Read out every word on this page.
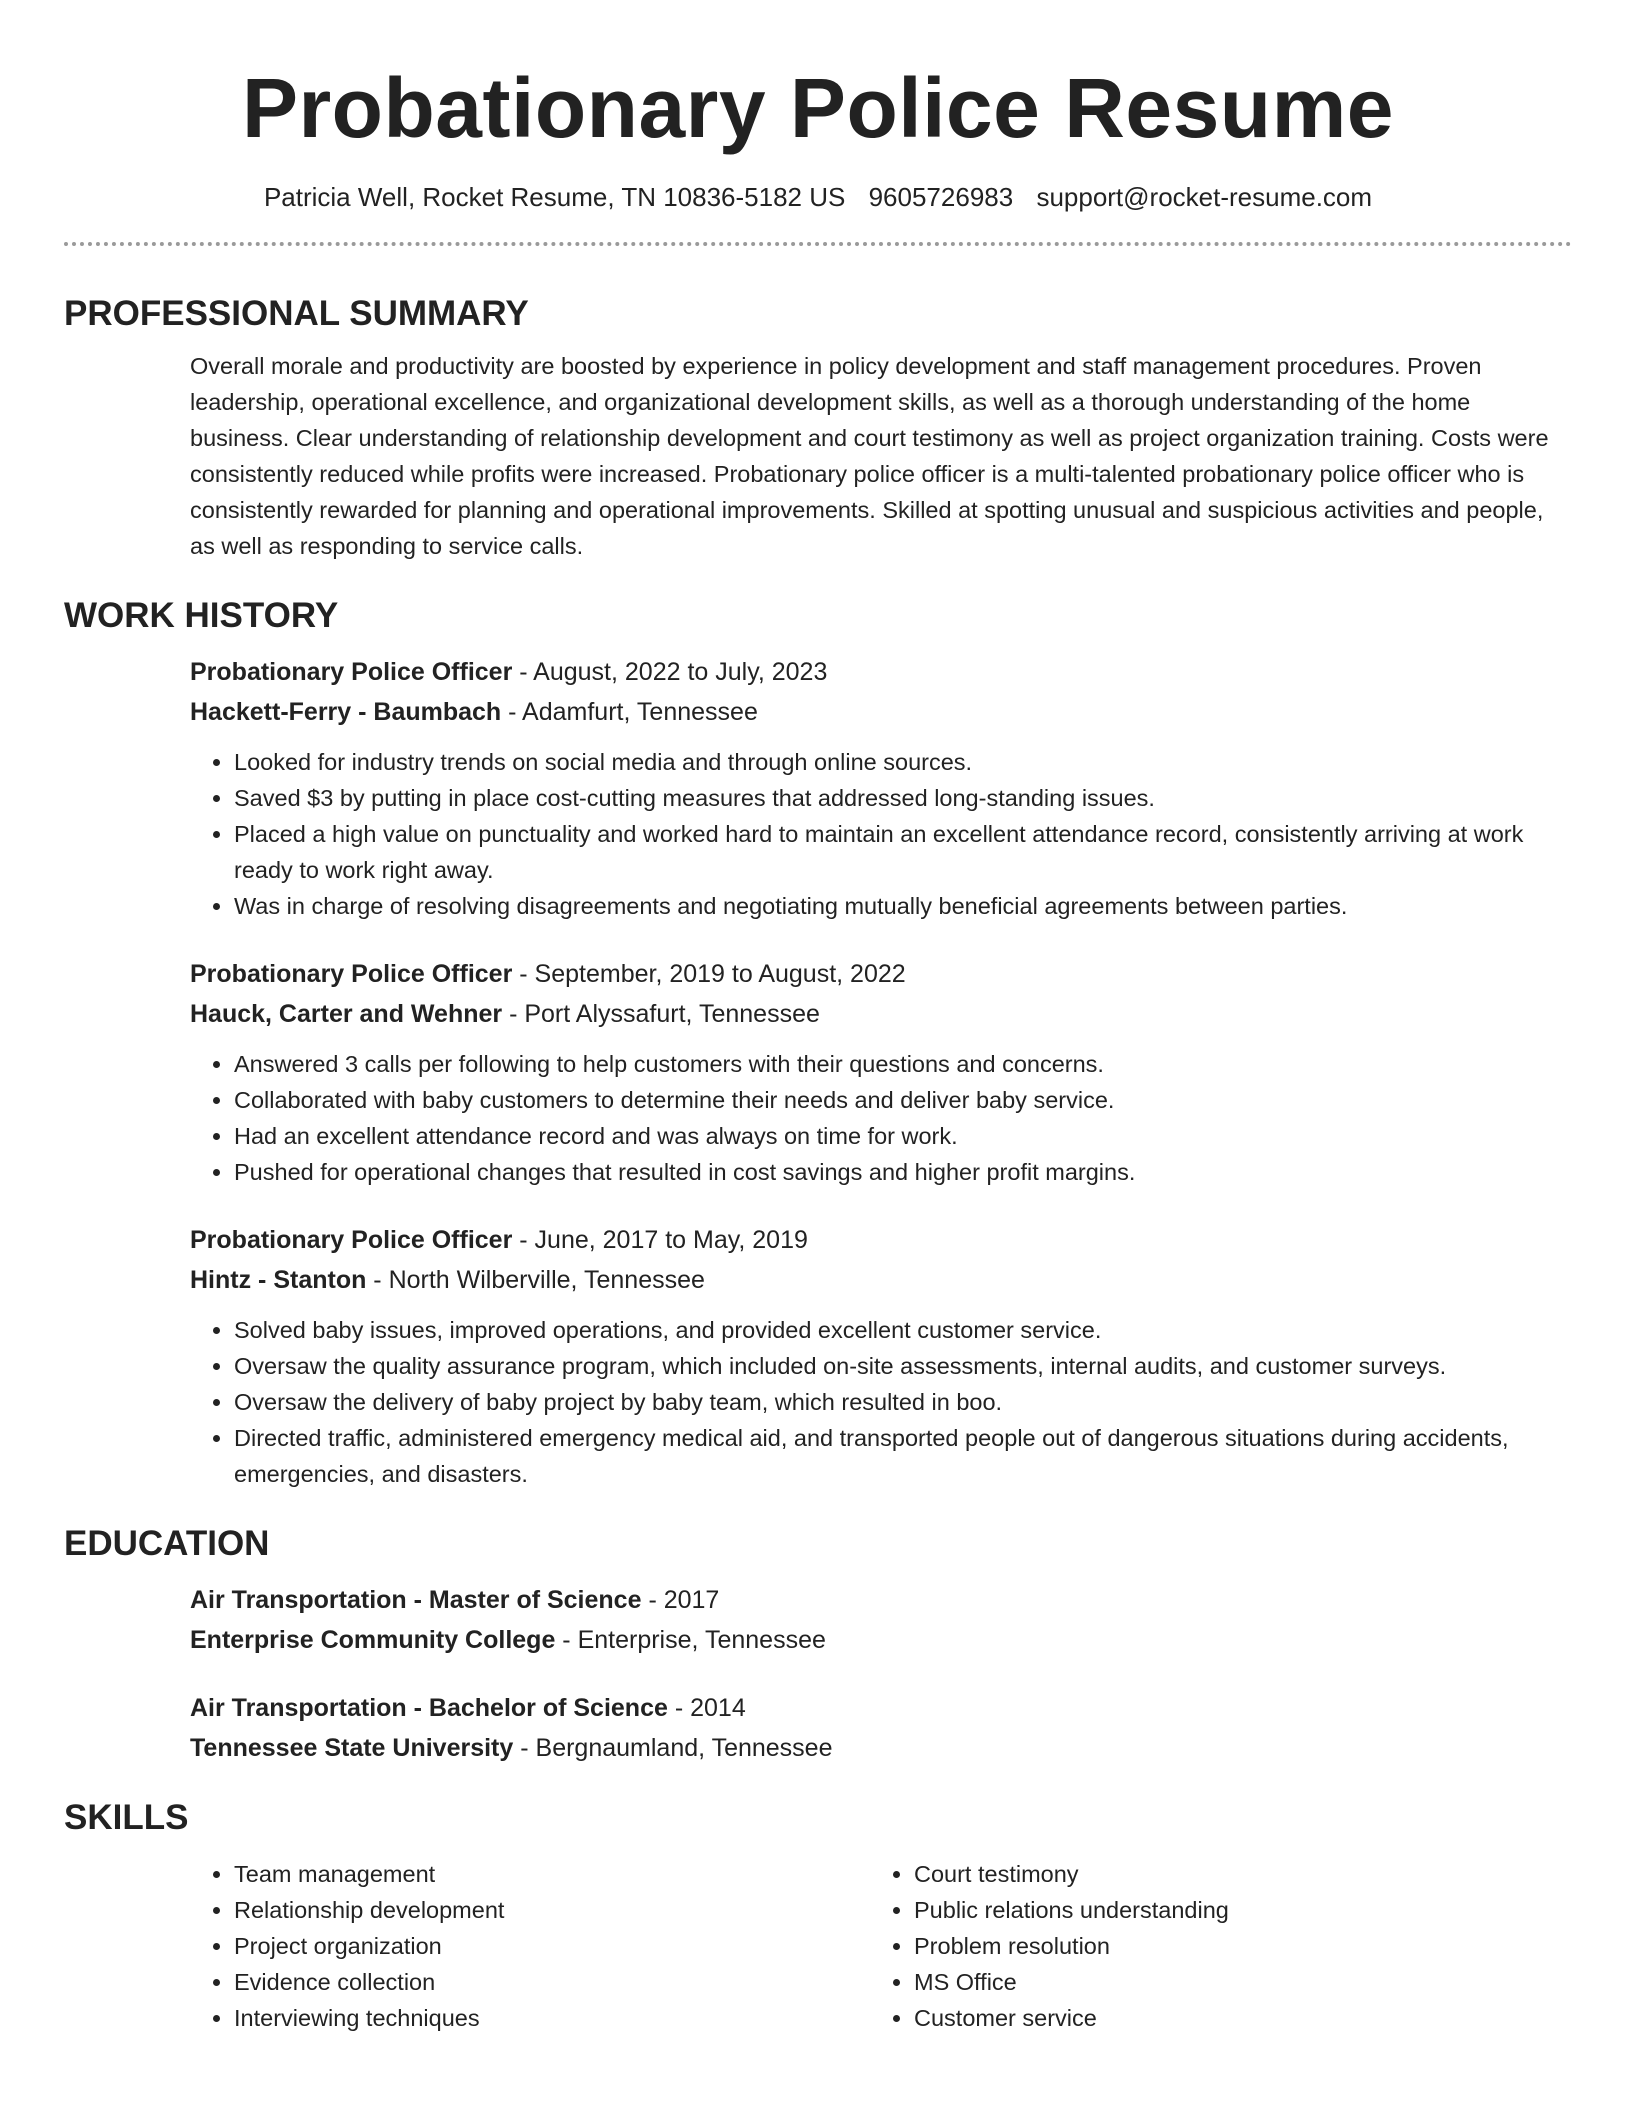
Probationary Police Resume
Patricia Well, Rocket Resume, TN 10836-5182 US 9605726983 support@rocket-resume.com
PROFESSIONAL SUMMARY

Overall morale and productivity are boosted by experience in policy development and staff management procedures. Proven leadership, operational excellence, and organizational development skills, as well as a thorough understanding of the home business. Clear understanding of relationship development and court testimony as well as project organization training. Costs were consistently reduced while profits were increased. Probationary police officer is a multi-talented probationary police officer who is consistently rewarded for planning and operational improvements. Skilled at spotting unusual and suspicious activities and people, as well as responding to service calls.

WORK HISTORY

Probationary Police Officer - August, 2022 to July, 2023

Hackett-Ferry - Baumbach - Adamfurt, Tennessee

• Looked for industry trends on social media and through online sources.
• Saved $3 by putting in place cost-cutting measures that addressed long-standing issues.
• Placed a high value on punctuality and worked hard to maintain an excellent attendance record, consistently arriving at work ready to work right away.
• Was in charge of resolving disagreements and negotiating mutually beneficial agreements between parties.

Probationary Police Officer - September, 2019 to August, 2022

Hauck, Carter and Wehner - Port Alyssafurt, Tennessee

• Answered 3 calls per following to help customers with their questions and concerns.
• Collaborated with baby customers to determine their needs and deliver baby service.
• Had an excellent attendance record and was always on time for work.
• Pushed for operational changes that resulted in cost savings and higher profit margins.

Probationary Police Officer - June, 2017 to May, 2019

Hintz - Stanton - North Wilberville, Tennessee

• Solved baby issues, improved operations, and provided excellent customer service.
• Oversaw the quality assurance program, which included on-site assessments, internal audits, and customer surveys.
• Oversaw the delivery of baby project by baby team, which resulted in boo.
• Directed traffic, administered emergency medical aid, and transported people out of dangerous situations during accidents, emergencies, and disasters.
EDUCATION

Air Transportation - Master of Science - 2017

Enterprise Community College - Enterprise, Tennessee

Air Transportation - Bachelor of Science - 2014

Tennessee State University - Bergnaumland, Tennessee

SKILLS
• Team management
• Relationship development
• Project organization
• Evidence collection
• Interviewing techniques
• Court testimony
• Public relations understanding
• Problem resolution
• MS Office
• Customer service
